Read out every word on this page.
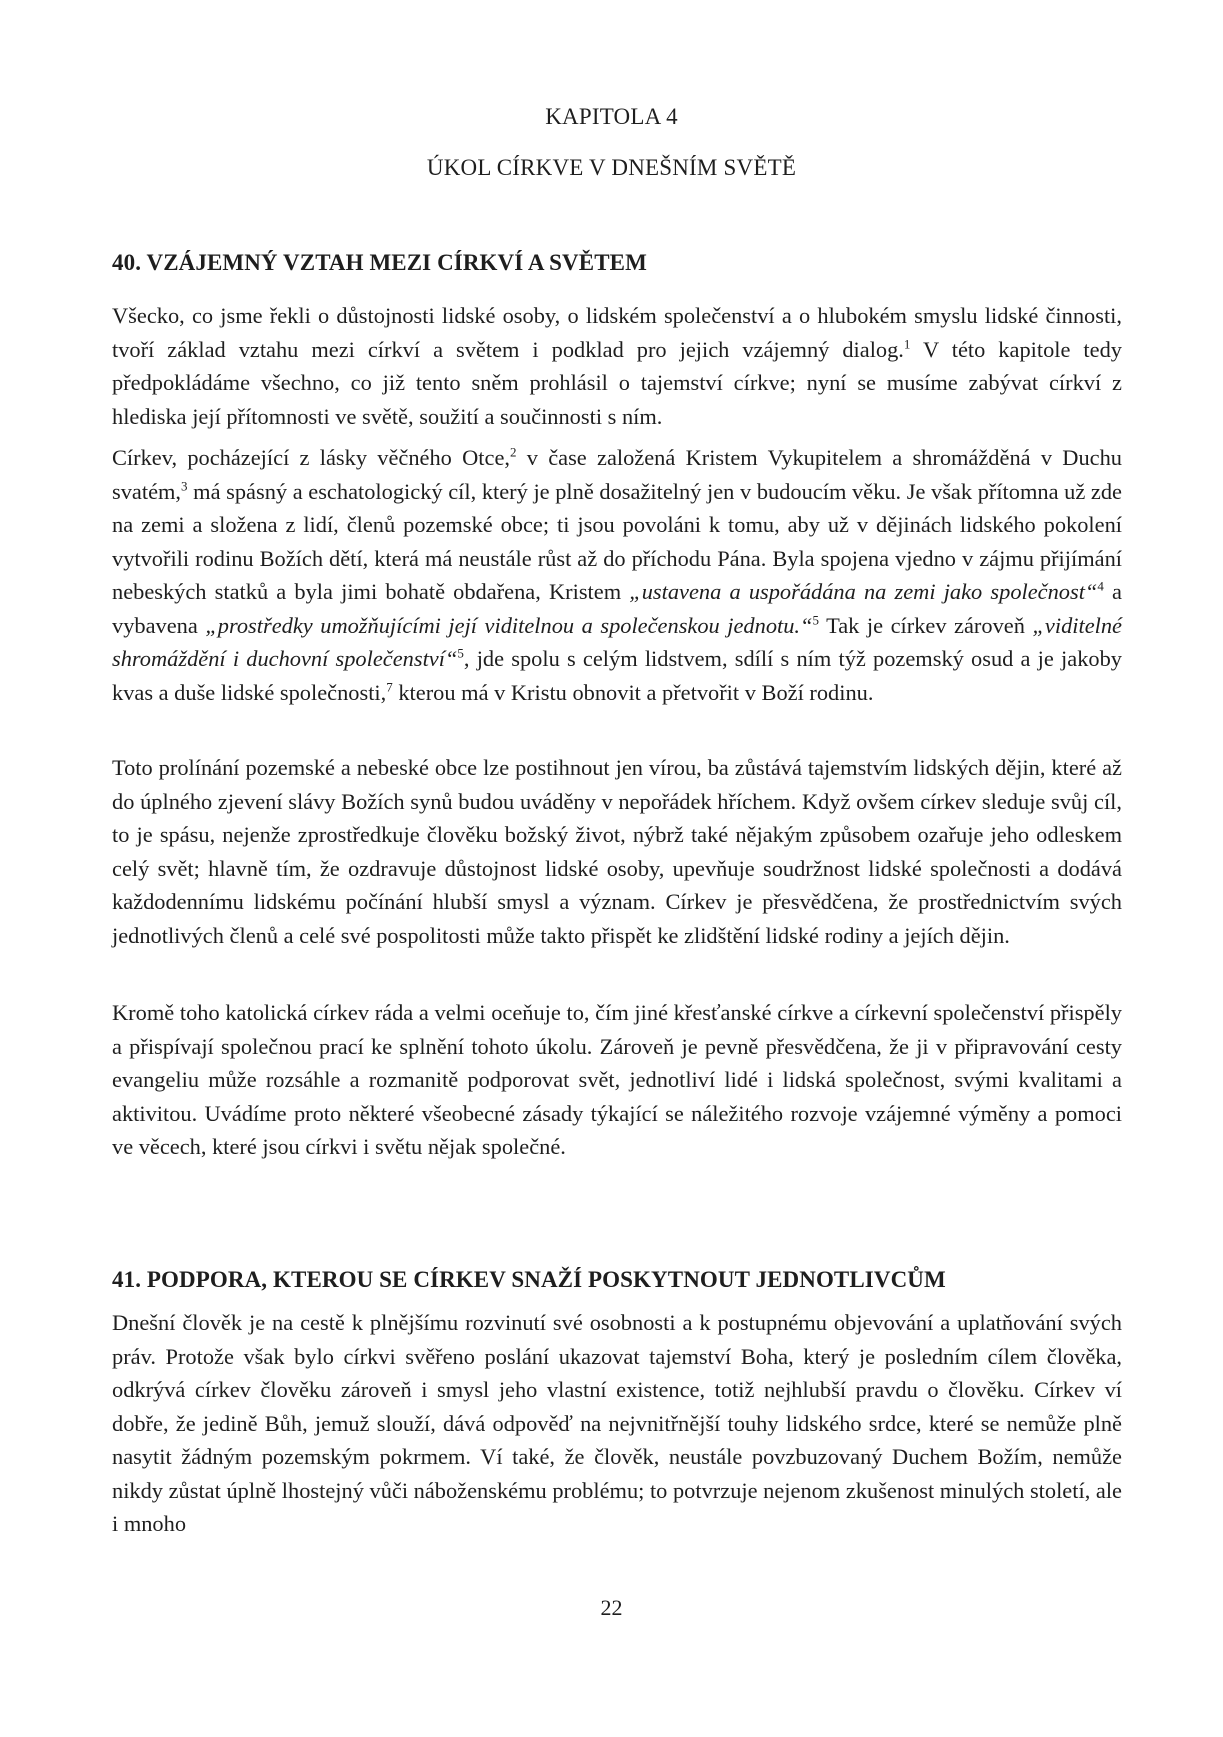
KAPITOLA 4
ÚKOL CÍRKVE V DNEŠNÍM SVĚTĚ
40. VZÁJEMNÝ VZTAH MEZI CÍRKVÍ A SVĚTEM

Všecko, co jsme řekli o důstojnosti lidské osoby, o lidském společenství a o hlubokém smyslu lidské činnosti, tvoří základ vztahu mezi církví a světem i podklad pro jejich vzájemný dialog.$^1$ V této kapitole tedy předpokládáme všechno, co již tento sněm prohlásil o tajemství církve; nyní se musíme zabývat církví z hlediska její přítomnosti ve světě, soužití a součinnosti s ním.

Církev, pocházející z lásky věčného Otce,$^2$ v čase založená Kristem Vykupitelem a shromážděná v Duchu svatém,$^3$ má spásný a eschatologický cíl, který je plně dosažitelný jen v budoucím věku. Je však přítomna už zde na zemi a složena z lidí, členů pozemské obce; ti jsou povoláni k tomu, aby už v dějinách lidského pokolení vytvořili rodinu Božích dětí, která má neustále růst až do příchodu Pána. Byla spojena vjedno v zájmu přijímání nebeských statků a byla jimi bohatě obdařena, Kristem „ustavena a uspořádána na zemi jako společnost“$^4$ a vybavena „prostředky umožňujícími její viditelnou a společenskou jednotu.“$^5$ Tak je církev zároveň „viditelné shromáždění i duchovní společenství“$^5$, jde spolu s celým lidstvem, sdílí s ním týž pozemský osud a je jakoby kvas a duše lidské společnosti,$^7$ kterou má v Kristu obnovit a přetvořit v Boží rodinu.

Toto prolínání pozemské a nebeské obce lze postihnout jen vírou, ba zůstává tajemstvím lidských dějin, které až do úplného zjevení slávy Božích synů budou uváděny v nepořádek hříchem. Když ovšem církev sleduje svůj cíl, to je spásu, nejenže zprostředkuje člověku božský život, nýbrž také nějakým způsobem ozařuje jeho odleskem celý svět; hlavně tím, že ozdravuje důstojnost lidské osoby, upevňuje soudržnost lidské společnosti a dodává každodennímu lidskému počínání hlubší smysl a význam. Církev je přesvědčena, že prostřednictvím svých jednotlivých členů a celé své pospolitosti může takto přispět ke zlidštění lidské rodiny a jejích dějin.

Kromě toho katolická církev ráda a velmi oceňuje to, čím jiné křesťanské církve a církevní společenství přispěly a přispívají společnou prací ke splnění tohoto úkolu. Zároveň je pevně přesvědčena, že ji v připravování cesty evangeliu může rozsáhle a rozmanitě podporovat svět, jednotliví lidé i lidská společnost, svými kvalitami a aktivitou. Uvádíme proto některé všeobecné zásady týkající se náležitého rozvoje vzájemné výměny a pomoci ve věcech, které jsou církvi i světu nějak společné.

41. PODPORA, KTEROU SE CÍRKEV SNAŽÍ POSKYTNOUT JEDNOTLIVCŮM

Dnešní člověk je na cestě k plnějšímu rozvinutí své osobnosti a k postupnému objevování a uplatňování svých práv. Protože však bylo církvi svěřeno poslání ukazovat tajemství Boha, který je posledním cílem člověka, odkrývá církev člověku zároveň i smysl jeho vlastní existence, totiž nejhlubší pravdu o člověku. Církev ví dobře, že jedině Bůh, jemuž slouží, dává odpověď na nejvnitřnější touhy lidského srdce, které se nemůže plně nasytit žádným pozemským pokrmem. Ví také, že člověk, neustále povzbuzovaný Duchem Božím, nemůže nikdy zůstat úplně lhostejný vůči náboženskému problému; to potvrzuje nejenom zkušenost minulých století, ale i mnoho

22
